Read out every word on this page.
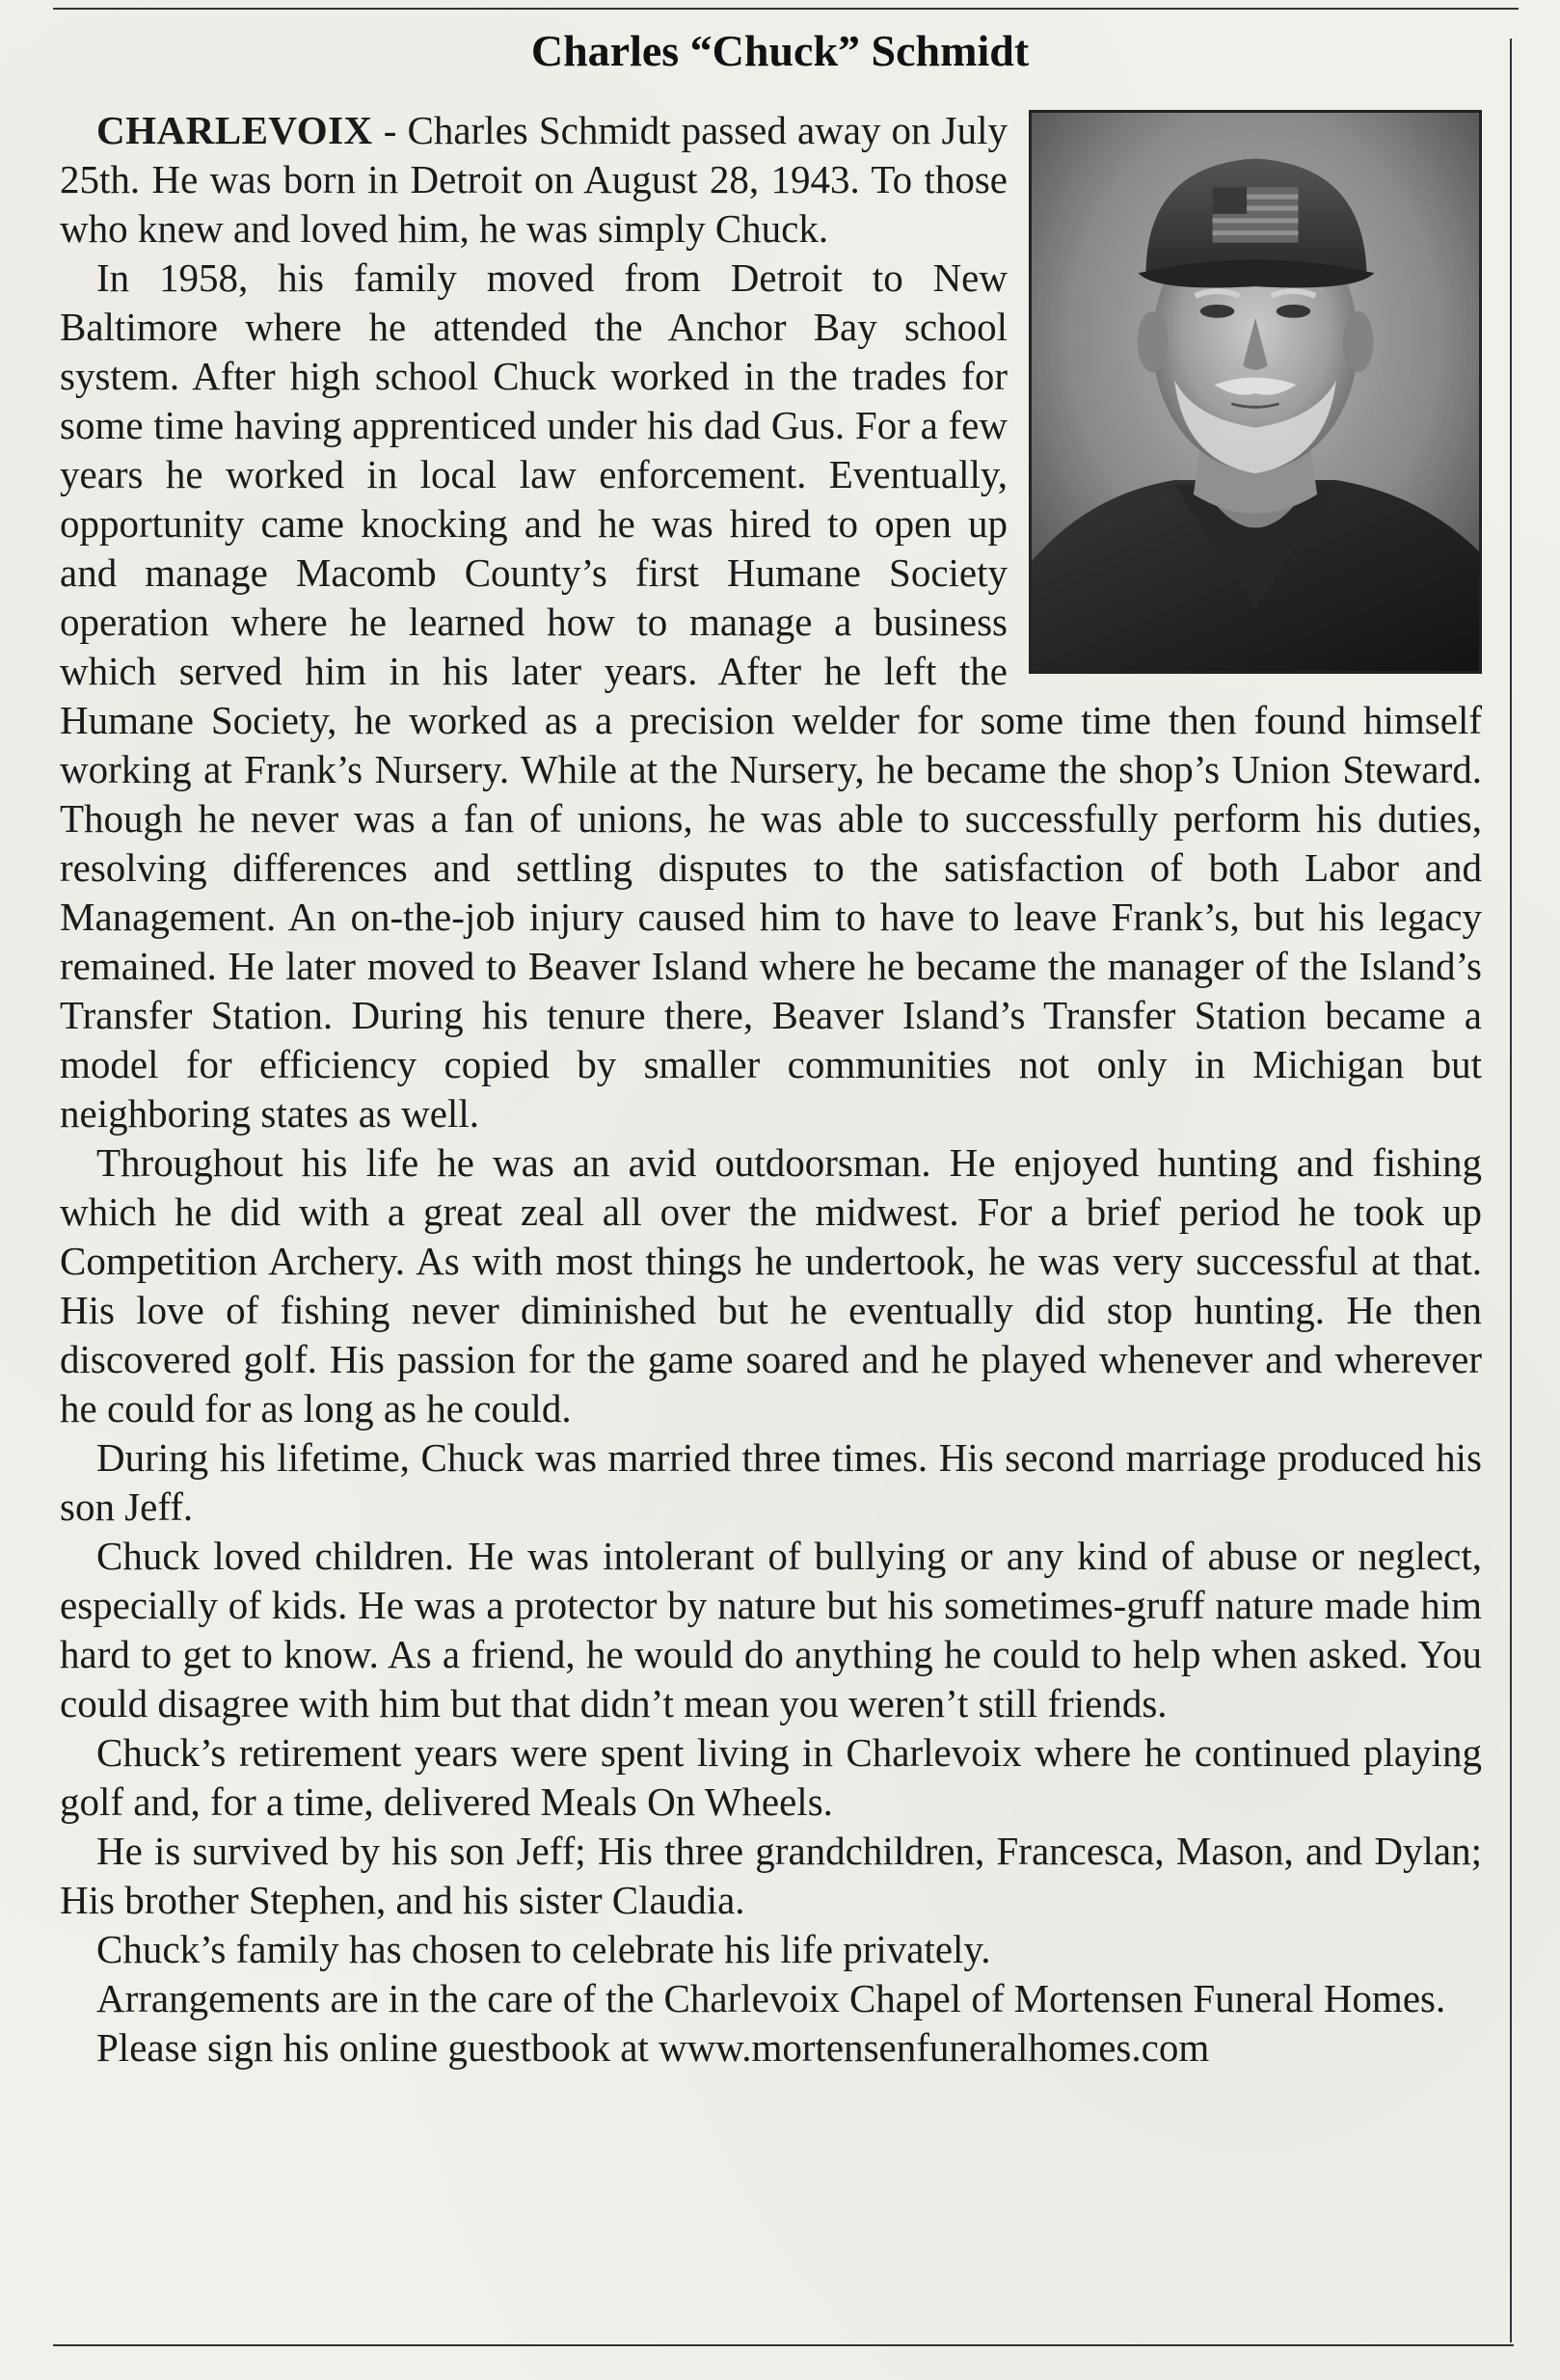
Charles “Chuck” Schmidt

CHARLEVOIX - Charles Schmidt passed away on July 25th. He was born in Detroit on August 28, 1943. To those who knew and loved him, he was simply Chuck.

In 1958, his family moved from Detroit to New Baltimore where he attended the Anchor Bay school system. After high school Chuck worked in the trades for some time having apprenticed under his dad Gus. For a few years he worked in local law enforcement. Eventually, opportunity came knocking and he was hired to open up and manage Macomb County’s first Humane Society operation where he learned how to manage a business which served him in his later years. After he left the Humane Society, he worked as a precision welder for some time then found himself working at Frank’s Nursery. While at the Nursery, he became the shop’s Union Steward. Though he never was a fan of unions, he was able to successfully perform his duties, resolving differences and settling disputes to the satisfaction of both Labor and Management. An on-the-job injury caused him to have to leave Frank’s, but his legacy remained. He later moved to Beaver Island where he became the manager of the Island’s Transfer Station. During his tenure there, Beaver Island’s Transfer Station became a model for efficiency copied by smaller communities not only in Michigan but neighboring states as well.

Throughout his life he was an avid outdoorsman. He enjoyed hunting and fishing which he did with a great zeal all over the midwest. For a brief period he took up Competition Archery. As with most things he undertook, he was very successful at that. His love of fishing never diminished but he eventually did stop hunting. He then discovered golf. His passion for the game soared and he played whenever and wherever he could for as long as he could.

During his lifetime, Chuck was married three times. His second marriage produced his son Jeff.

Chuck loved children. He was intolerant of bullying or any kind of abuse or neglect, especially of kids. He was a protector by nature but his sometimes-gruff nature made him hard to get to know. As a friend, he would do anything he could to help when asked. You could disagree with him but that didn’t mean you weren’t still friends.

Chuck’s retirement years were spent living in Charlevoix where he continued playing golf and, for a time, delivered Meals On Wheels.

He is survived by his son Jeff; His three grandchildren, Francesca, Mason, and Dylan; His brother Stephen, and his sister Claudia.

Chuck’s family has chosen to celebrate his life privately.

Arrangements are in the care of the Charlevoix Chapel of Mortensen Funeral Homes.

Please sign his online guestbook at www.mortensenfuneralhomes.com
